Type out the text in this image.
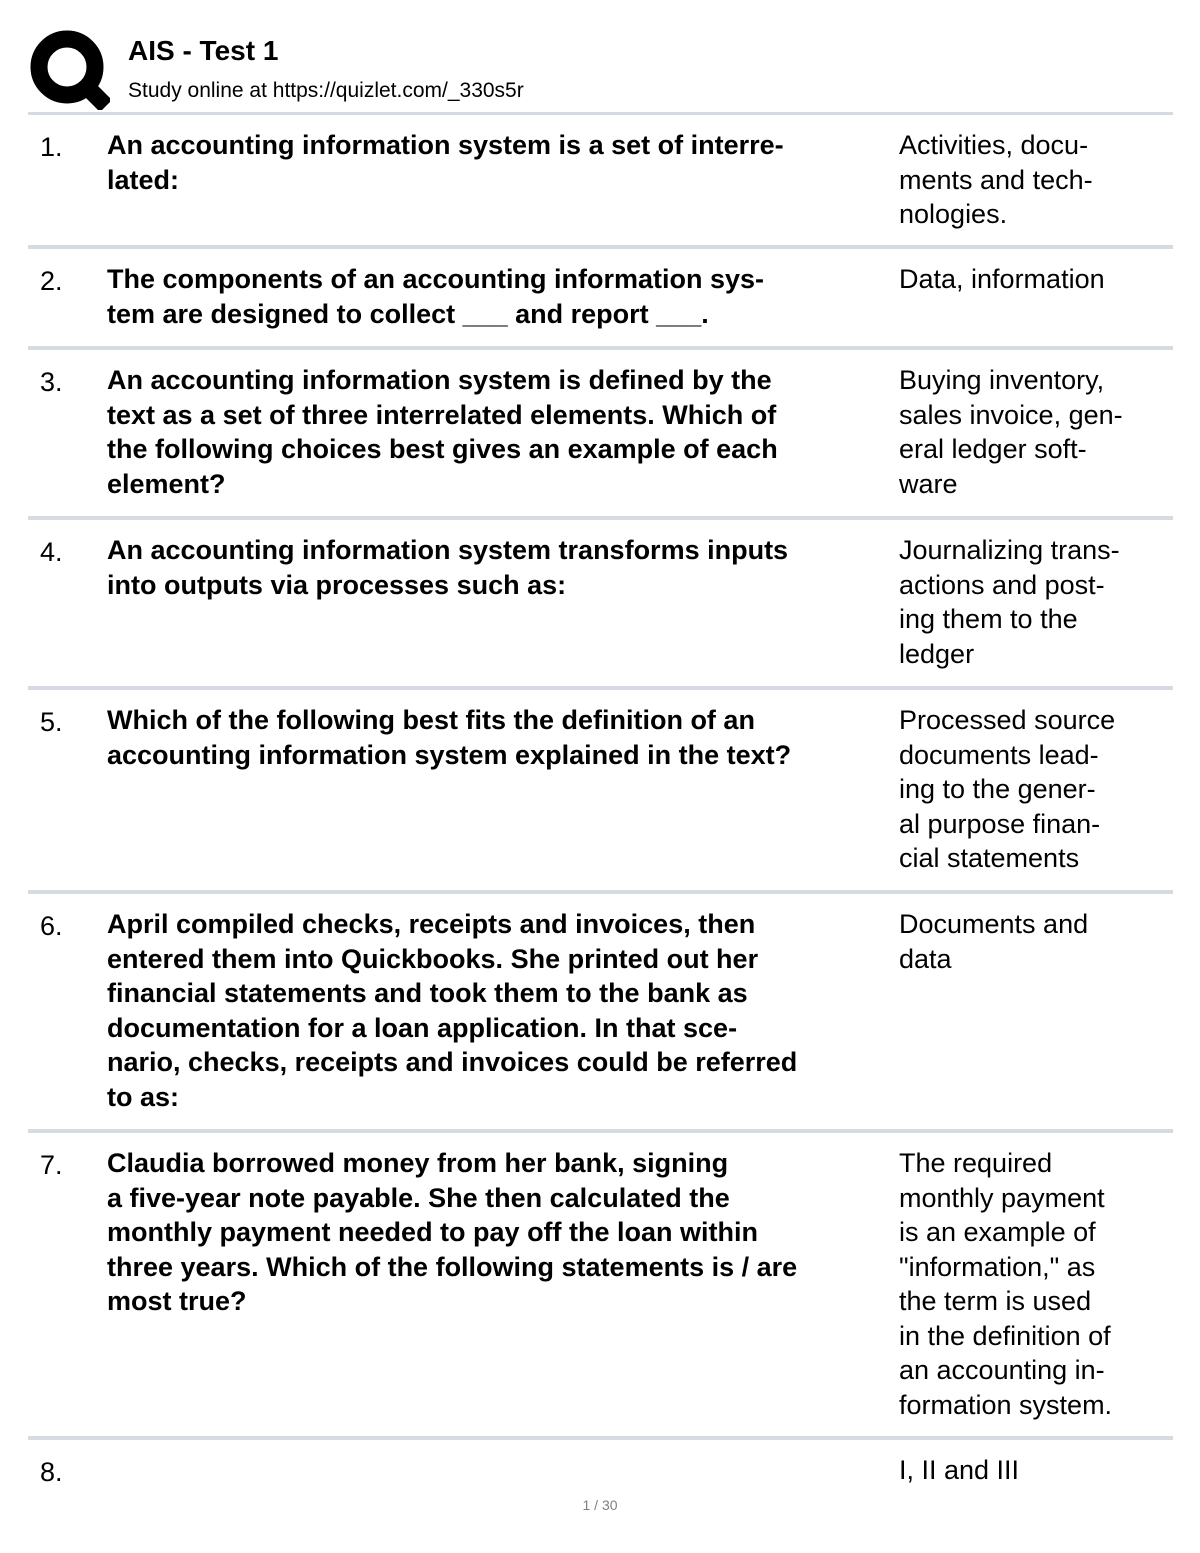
AIS - Test 1
Study online at https://quizlet.com/_330s5r
1. An accounting information system is a set of interre-
lated:
Activities, docu-
ments and tech-
nologies.
2. The components of an accounting information sys-
tem are designed to collect ___ and report ___.
Data, information
3. An accounting information system is defined by the
text as a set of three interrelated elements. Which of
the following choices best gives an example of each
element?
Buying inventory,
sales invoice, gen-
eral ledger soft-
ware
4. An accounting information system transforms inputs
into outputs via processes such as:
Journalizing trans-
actions and post-
ing them to the
ledger
5. Which of the following best fits the definition of an
accounting information system explained in the text?
Processed source
documents lead-
ing to the gener-
al purpose finan-
cial statements
6. April compiled checks, receipts and invoices, then
entered them into Quickbooks. She printed out her
financial statements and took them to the bank as
documentation for a loan application. In that sce-
nario, checks, receipts and invoices could be referred
to as:
Documents and
data
7. Claudia borrowed money from her bank, signing
a five-year note payable. She then calculated the
monthly payment needed to pay off the loan within
three years. Which of the following statements is / are
most true?
The required
monthly payment
is an example of
"information," as
the term is used
in the definition of
an accounting in-
formation system.
8.	I, II and III
1 / 30
